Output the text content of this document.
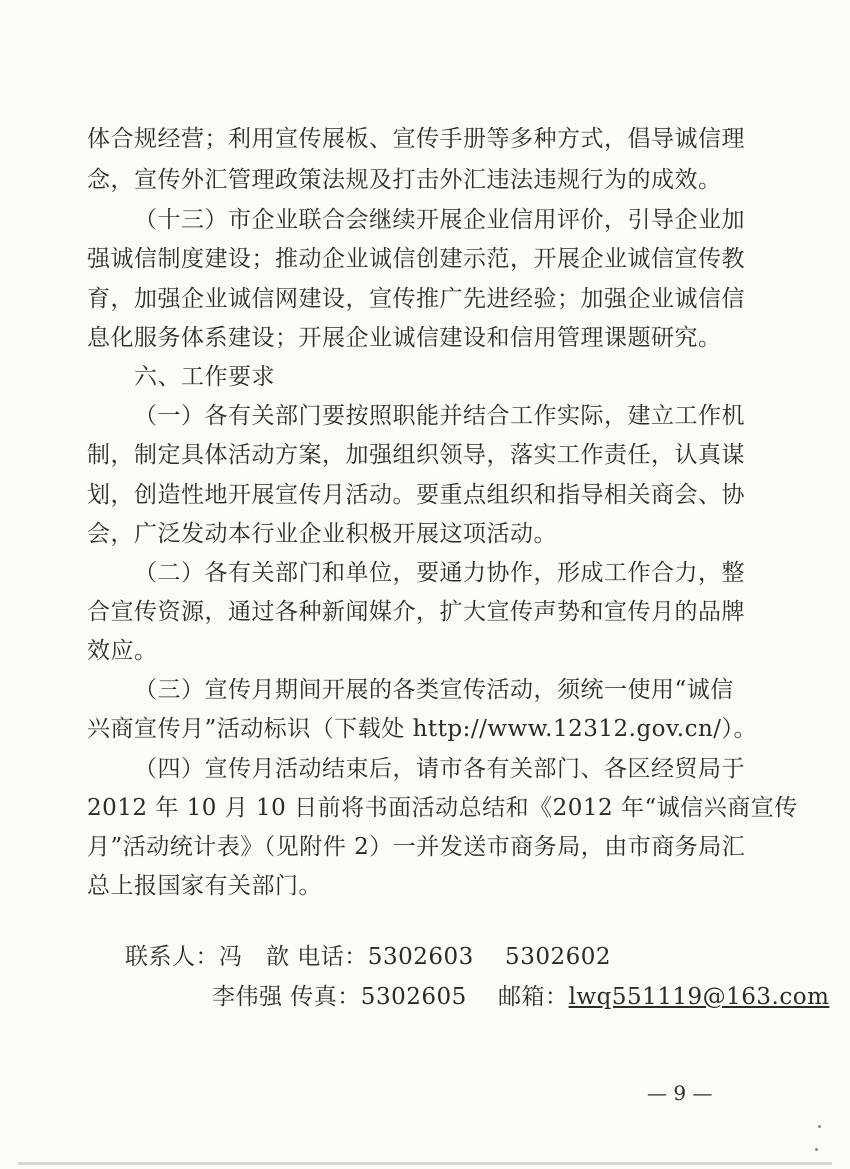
体合规经营；利用宣传展板、宣传手册等多种方式，倡导诚信理
念，宣传外汇管理政策法规及打击外汇违法违规行为的成效。
（十三）市企业联合会继续开展企业信用评价，引导企业加
强诚信制度建设；推动企业诚信创建示范，开展企业诚信宣传教
育，加强企业诚信网建设，宣传推广先进经验；加强企业诚信信
息化服务体系建设；开展企业诚信建设和信用管理课题研究。
六、工作要求
（一）各有关部门要按照职能并结合工作实际，建立工作机
制，制定具体活动方案，加强组织领导，落实工作责任，认真谋
划，创造性地开展宣传月活动。要重点组织和指导相关商会、协
会，广泛发动本行业企业积极开展这项活动。
（二）各有关部门和单位，要通力协作，形成工作合力，整
合宣传资源，通过各种新闻媒介，扩大宣传声势和宣传月的品牌
效应。
（三）宣传月期间开展的各类宣传活动，须统一使用“诚信
兴商宣传月”活动标识（下载处 http://www.12312.gov.cn/）。
（四）宣传月活动结束后，请市各有关部门、各区经贸局于
2012 年 10 月 10 日前将书面活动总结和《2012 年“诚信兴商宣传
月”活动统计表》（见附件 2）一并发送市商务局，由市商务局汇
总上报国家有关部门。
联系人：冯　歆 电话：5302603　 5302602
李伟强 传真：5302605　 邮箱：lwq551119@163.com
— 9 —
